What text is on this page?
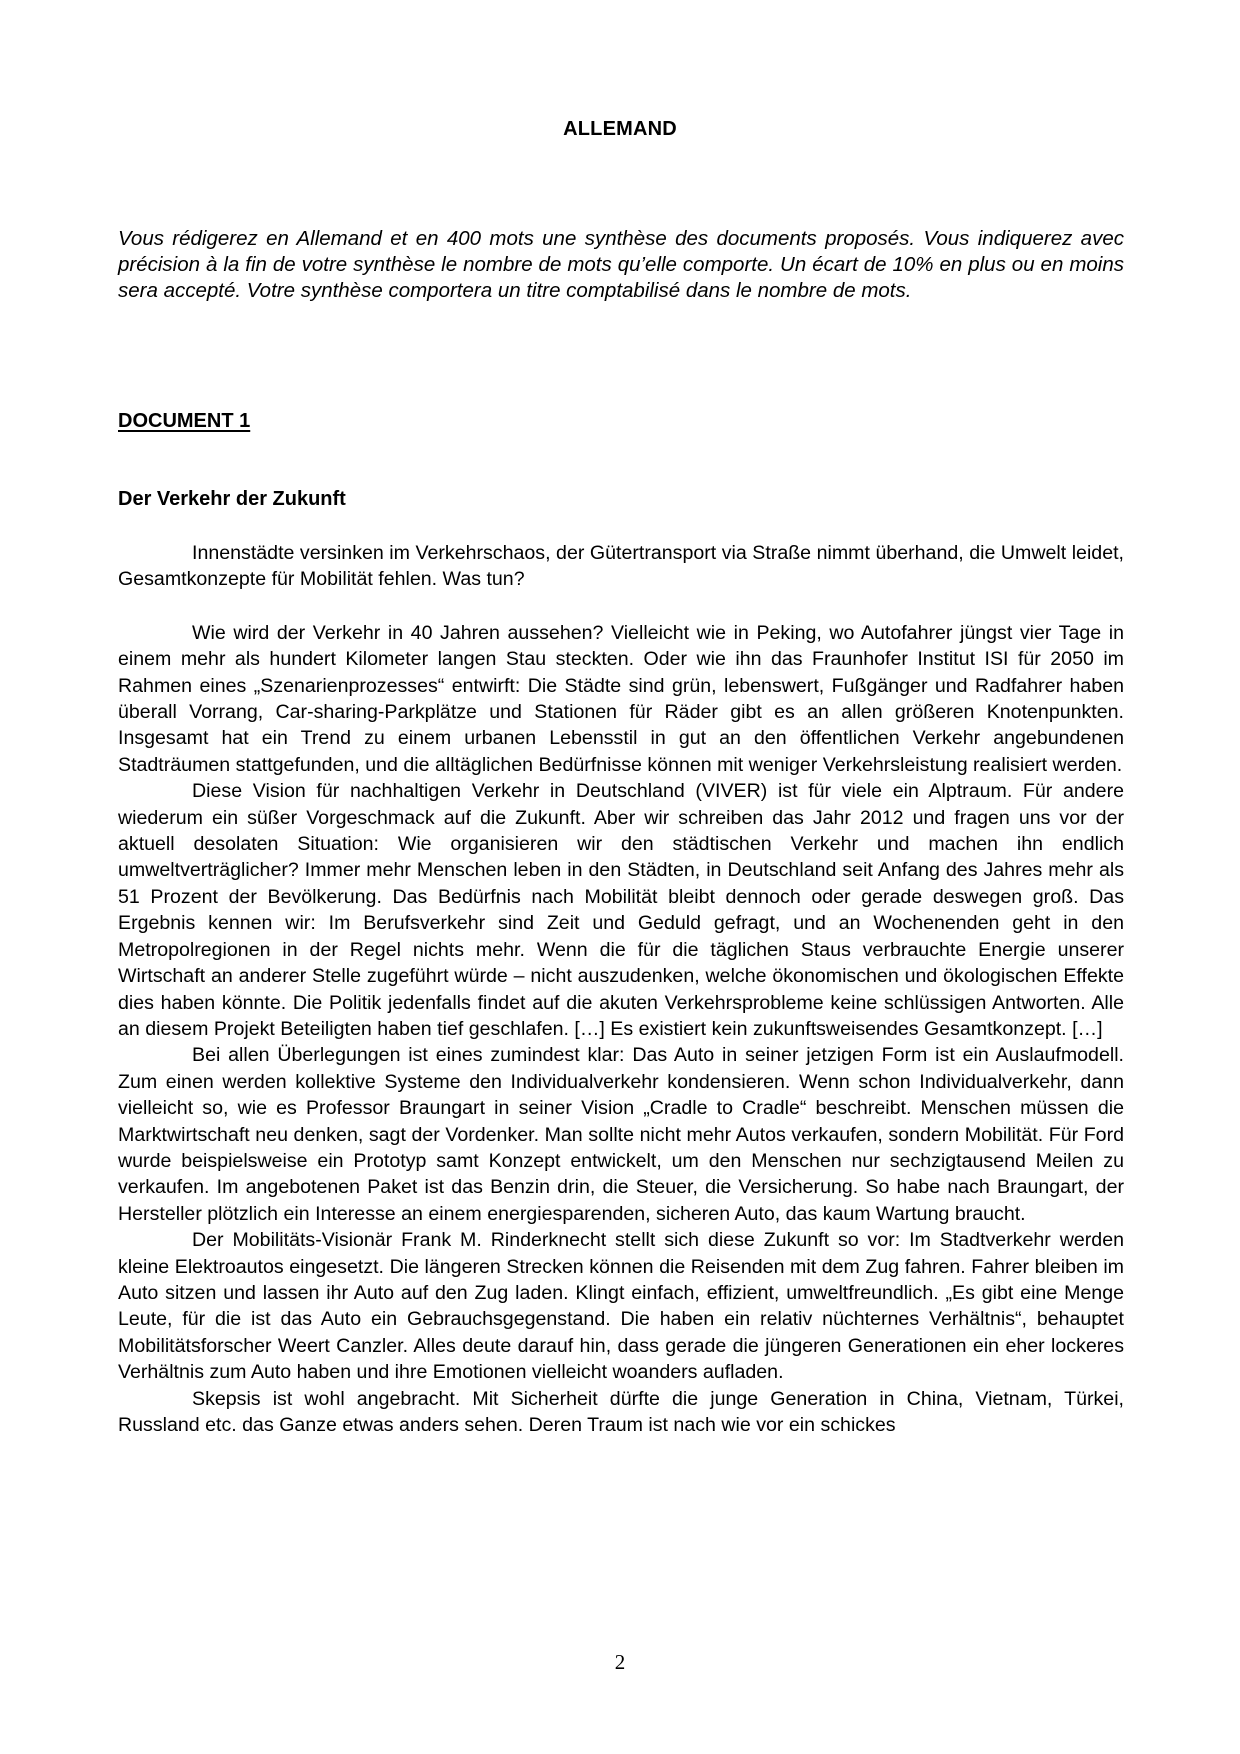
ALLEMAND
Vous rédigerez en Allemand et en 400 mots une synthèse des documents proposés. Vous indiquerez avec précision à la fin de votre synthèse le nombre de mots qu’elle comporte. Un écart de 10% en plus ou en moins sera accepté. Votre synthèse comportera un titre comptabilisé dans le nombre de mots.
DOCUMENT 1
Der Verkehr der Zukunft

Innenstädte versinken im Verkehrschaos, der Gütertransport via Straße nimmt überhand, die Umwelt leidet, Gesamtkonzepte für Mobilität fehlen. Was tun?

Wie wird der Verkehr in 40 Jahren aussehen? Vielleicht wie in Peking, wo Autofahrer jüngst vier Tage in einem mehr als hundert Kilometer langen Stau steckten. Oder wie ihn das Fraunhofer Institut ISI für 2050 im Rahmen eines „Szenarienprozesses“ entwirft: Die Städte sind grün, lebenswert, Fußgänger und Radfahrer haben überall Vorrang, Car-sharing-Parkplätze und Stationen für Räder gibt es an allen größeren Knotenpunkten. Insgesamt hat ein Trend zu einem urbanen Lebensstil in gut an den öffentlichen Verkehr angebundenen Stadträumen stattgefunden, und die alltäglichen Bedürfnisse können mit weniger Verkehrsleistung realisiert werden.

Diese Vision für nachhaltigen Verkehr in Deutschland (VIVER) ist für viele ein Alptraum. Für andere wiederum ein süßer Vorgeschmack auf die Zukunft. Aber wir schreiben das Jahr 2012 und fragen uns vor der aktuell desolaten Situation: Wie organisieren wir den städtischen Verkehr und machen ihn endlich umweltverträglicher? Immer mehr Menschen leben in den Städten, in Deutschland seit Anfang des Jahres mehr als 51 Prozent der Bevölkerung. Das Bedürfnis nach Mobilität bleibt dennoch oder gerade deswegen groß. Das Ergebnis kennen wir: Im Berufsverkehr sind Zeit und Geduld gefragt, und an Wochenenden geht in den Metropolregionen in der Regel nichts mehr. Wenn die für die täglichen Staus verbrauchte Energie unserer Wirtschaft an anderer Stelle zugeführt würde – nicht auszudenken, welche ökonomischen und ökologischen Effekte dies haben könnte. Die Politik jedenfalls findet auf die akuten Verkehrsprobleme keine schlüssigen Antworten. Alle an diesem Projekt Beteiligten haben tief geschlafen. […] Es existiert kein zukunftsweisendes Gesamtkonzept. […]

Bei allen Überlegungen ist eines zumindest klar: Das Auto in seiner jetzigen Form ist ein Auslaufmodell. Zum einen werden kollektive Systeme den Individualverkehr kondensieren. Wenn schon Individualverkehr, dann vielleicht so, wie es Professor Braungart in seiner Vision „Cradle to Cradle“ beschreibt. Menschen müssen die Marktwirtschaft neu denken, sagt der Vordenker. Man sollte nicht mehr Autos verkaufen, sondern Mobilität. Für Ford wurde beispielsweise ein Prototyp samt Konzept entwickelt, um den Menschen nur sechzigtausend Meilen zu verkaufen. Im angebotenen Paket ist das Benzin drin, die Steuer, die Versicherung. So habe nach Braungart, der Hersteller plötzlich ein Interesse an einem energiesparenden, sicheren Auto, das kaum Wartung braucht.

Der Mobilitäts-Visionär Frank M. Rinderknecht stellt sich diese Zukunft so vor: Im Stadtverkehr werden kleine Elektroautos eingesetzt. Die längeren Strecken können die Reisenden mit dem Zug fahren. Fahrer bleiben im Auto sitzen und lassen ihr Auto auf den Zug laden. Klingt einfach, effizient, umweltfreundlich. „Es gibt eine Menge Leute, für die ist das Auto ein Gebrauchsgegenstand. Die haben ein relativ nüchternes Verhältnis“, behauptet Mobilitätsforscher Weert Canzler. Alles deute darauf hin, dass gerade die jüngeren Generationen ein eher lockeres Verhältnis zum Auto haben und ihre Emotionen vielleicht woanders aufladen.

Skepsis ist wohl angebracht. Mit Sicherheit dürfte die junge Generation in China, Vietnam, Türkei, Russland etc. das Ganze etwas anders sehen. Deren Traum ist nach wie vor ein schickes

2
